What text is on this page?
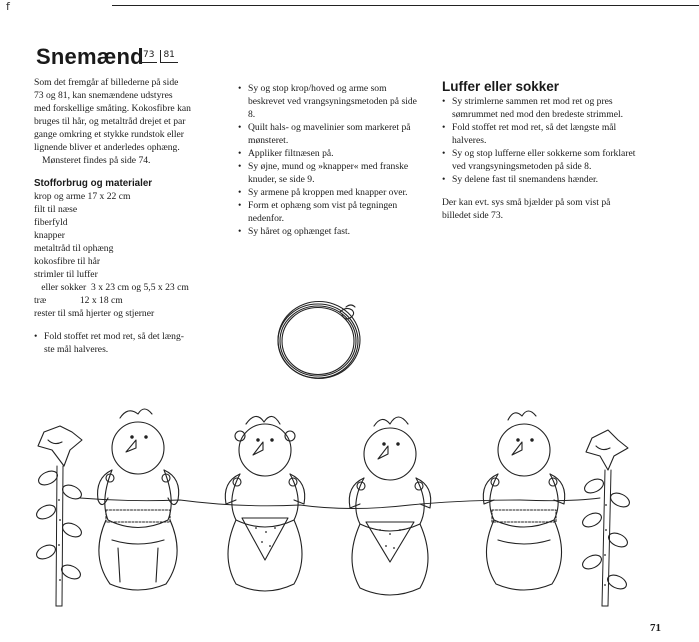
f
Snemænd 73	81

Som det fremgår af billederne på side

73 og 81, kan snemændene udstyres

med forskellige småting. Kokosfibre kan

bruges til hår, og metaltråd drejet et par

gange omkring et stykke rundstok eller

lignende bliver et anderledes ophæng.

Mønsteret findes på side 74.

Stofforbrug og materialer

krop og arme 17 x 22 cm

filt til næse

fiberfyld

knapper

metaltråd til ophæng

kokosfibre til hår

strimler til luffer

eller sokker  3 x 23 cm og 5,5 x 23 cm

træ              12 x 18 cm

rester til små hjerter og stjerner

• Fold stoffet ret mod ret, så det læng-
ste mål halveres.
• Sy og stop krop/hoved og arme som beskrevet ved vrangsyningsmetoden på side 8.
• Quilt hals- og mavelinier som markeret på mønsteret.
• Appliker filtnæsen på.
• Sy øjne, mund og »knapper« med franske knuder, se side 9.
• Sy armene på kroppen med knapper over.
• Form et ophæng som vist på tegningen nedenfor.
• Sy håret og ophænget fast.
Luffer eller sokker
• Sy strimlerne sammen ret mod ret og pres sømrummet ned mod den bredeste strimmel.
• Fold stoffet ret mod ret, så det længste mål halveres.
• Sy og stop lufferne eller sokkerne som forklaret ved vrangsyningsmetoden på side 8.
• Sy delene fast til snemandens hænder.

Der kan evt. sys små bjælder på som vist på billedet side 73.

71
